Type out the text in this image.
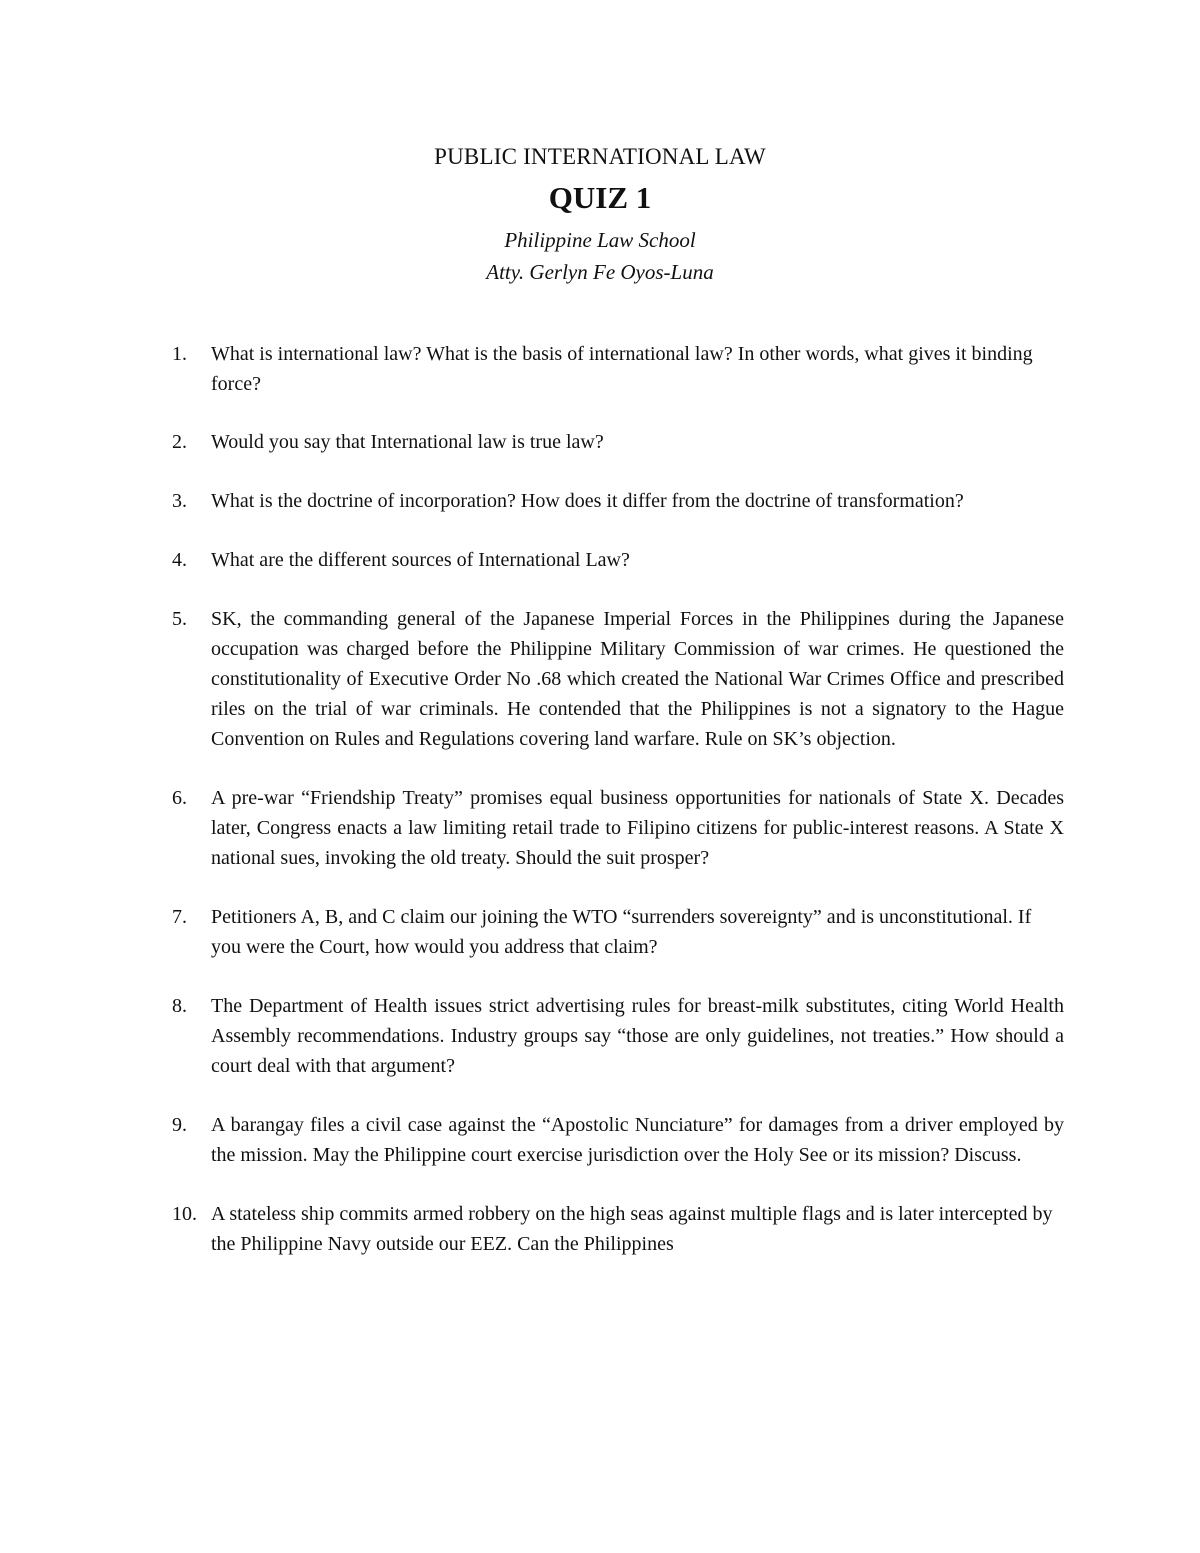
PUBLIC INTERNATIONAL LAW
QUIZ 1
Philippine Law School
Atty. Gerlyn Fe Oyos-Luna
1.	What is international law? What is the basis of international law? In other words, what gives it binding force?
2.	Would you say that International law is true law?
3.	What is the doctrine of incorporation? How does it differ from the doctrine of transformation?
4.	What are the different sources of International Law?
5.	SK, the commanding general of the Japanese Imperial Forces in the Philippines during the Japanese occupation was charged before the Philippine Military Commission of war crimes. He questioned the constitutionality of Executive Order No .68 which created the National War Crimes Office and prescribed riles on the trial of war criminals. He contended that the Philippines is not a signatory to the Hague Convention on Rules and Regulations covering land warfare. Rule on SK’s objection.
6.	A pre-war “Friendship Treaty” promises equal business opportunities for nationals of State X. Decades later, Congress enacts a law limiting retail trade to Filipino citizens for public-interest reasons. A State X national sues, invoking the old treaty. Should the suit prosper?
7.	Petitioners A, B, and C claim our joining the WTO “surrenders sovereignty” and is unconstitutional. If you were the Court, how would you address that claim?
8.	The Department of Health issues strict advertising rules for breast-milk substitutes, citing World Health Assembly recommendations. Industry groups say “those are only guidelines, not treaties.” How should a court deal with that argument?
9.	A barangay files a civil case against the “Apostolic Nunciature” for damages from a driver employed by the mission. May the Philippine court exercise jurisdiction over the Holy See or its mission? Discuss.
10. A stateless ship commits armed robbery on the high seas against multiple flags and is later intercepted by the Philippine Navy outside our EEZ. Can the Philippines
